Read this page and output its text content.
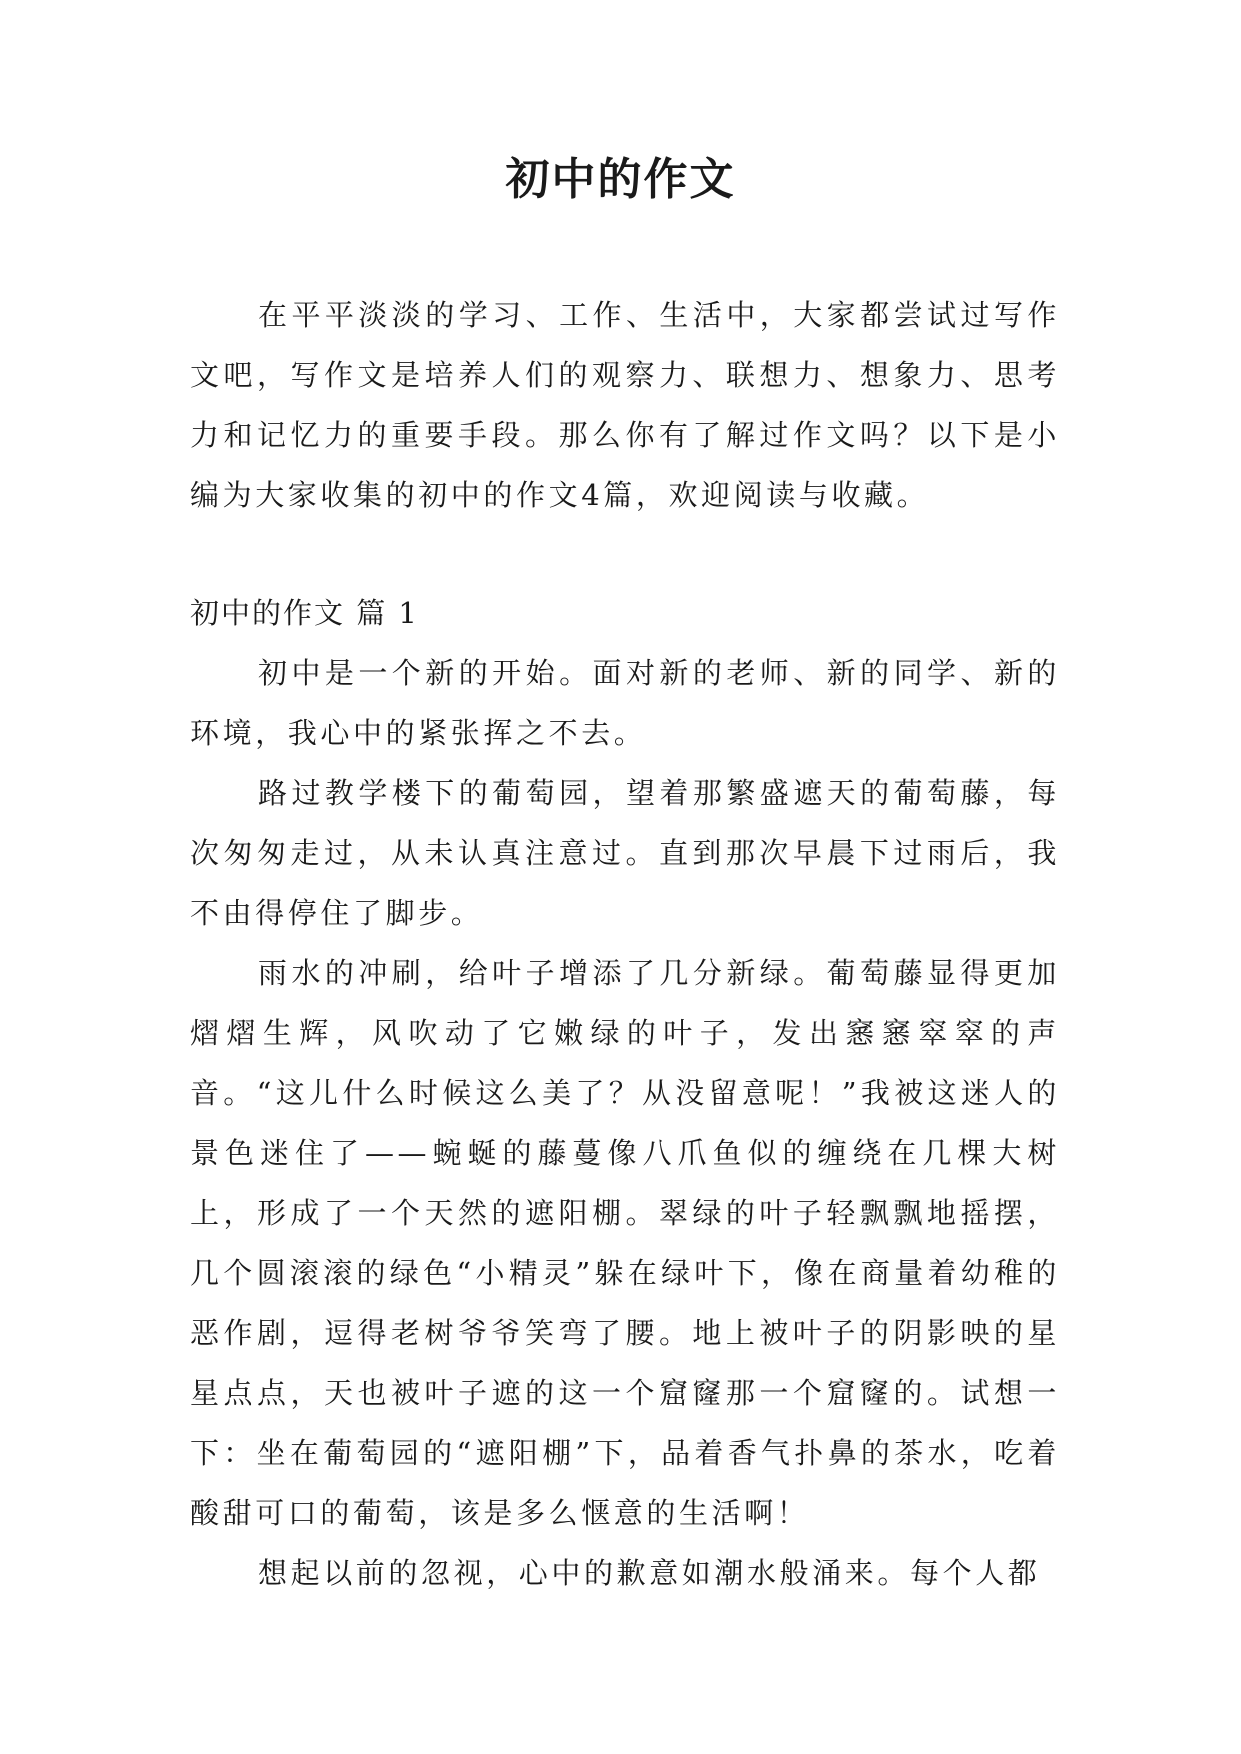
初中的作文

在平平淡淡的学习、工作、生活中，大家都尝试过写作文吧，写作文是培养人们的观察力、联想力、想象力、思考力和记忆力的重要手段。那么你有了解过作文吗？以下是小编为大家收集的初中的作文4篇，欢迎阅读与收藏。

初中的作文 篇 1

初中是一个新的开始。面对新的老师、新的同学、新的环境，我心中的紧张挥之不去。

路过教学楼下的葡萄园，望着那繁盛遮天的葡萄藤，每次匆匆走过，从未认真注意过。直到那次早晨下过雨后，我不由得停住了脚步。

雨水的冲刷，给叶子增添了几分新绿。葡萄藤显得更加熠熠生辉，风吹动了它嫩绿的叶子，发出窸窸窣窣的声音。“这儿什么时候这么美了？从没留意呢！”我被这迷人的景色迷住了——蜿蜒的藤蔓像八爪鱼似的缠绕在几棵大树上，形成了一个天然的遮阳棚。翠绿的叶子轻飘飘地摇摆，几个圆滚滚的绿色“小精灵”躲在绿叶下，像在商量着幼稚的恶作剧，逗得老树爷爷笑弯了腰。地上被叶子的阴影映的星星点点，天也被叶子遮的这一个窟窿那一个窟窿的。试想一下：坐在葡萄园的“遮阳棚”下，品着香气扑鼻的茶水，吃着酸甜可口的葡萄，该是多么惬意的生活啊！

想起以前的忽视，心中的歉意如潮水般涌来。每个人都
